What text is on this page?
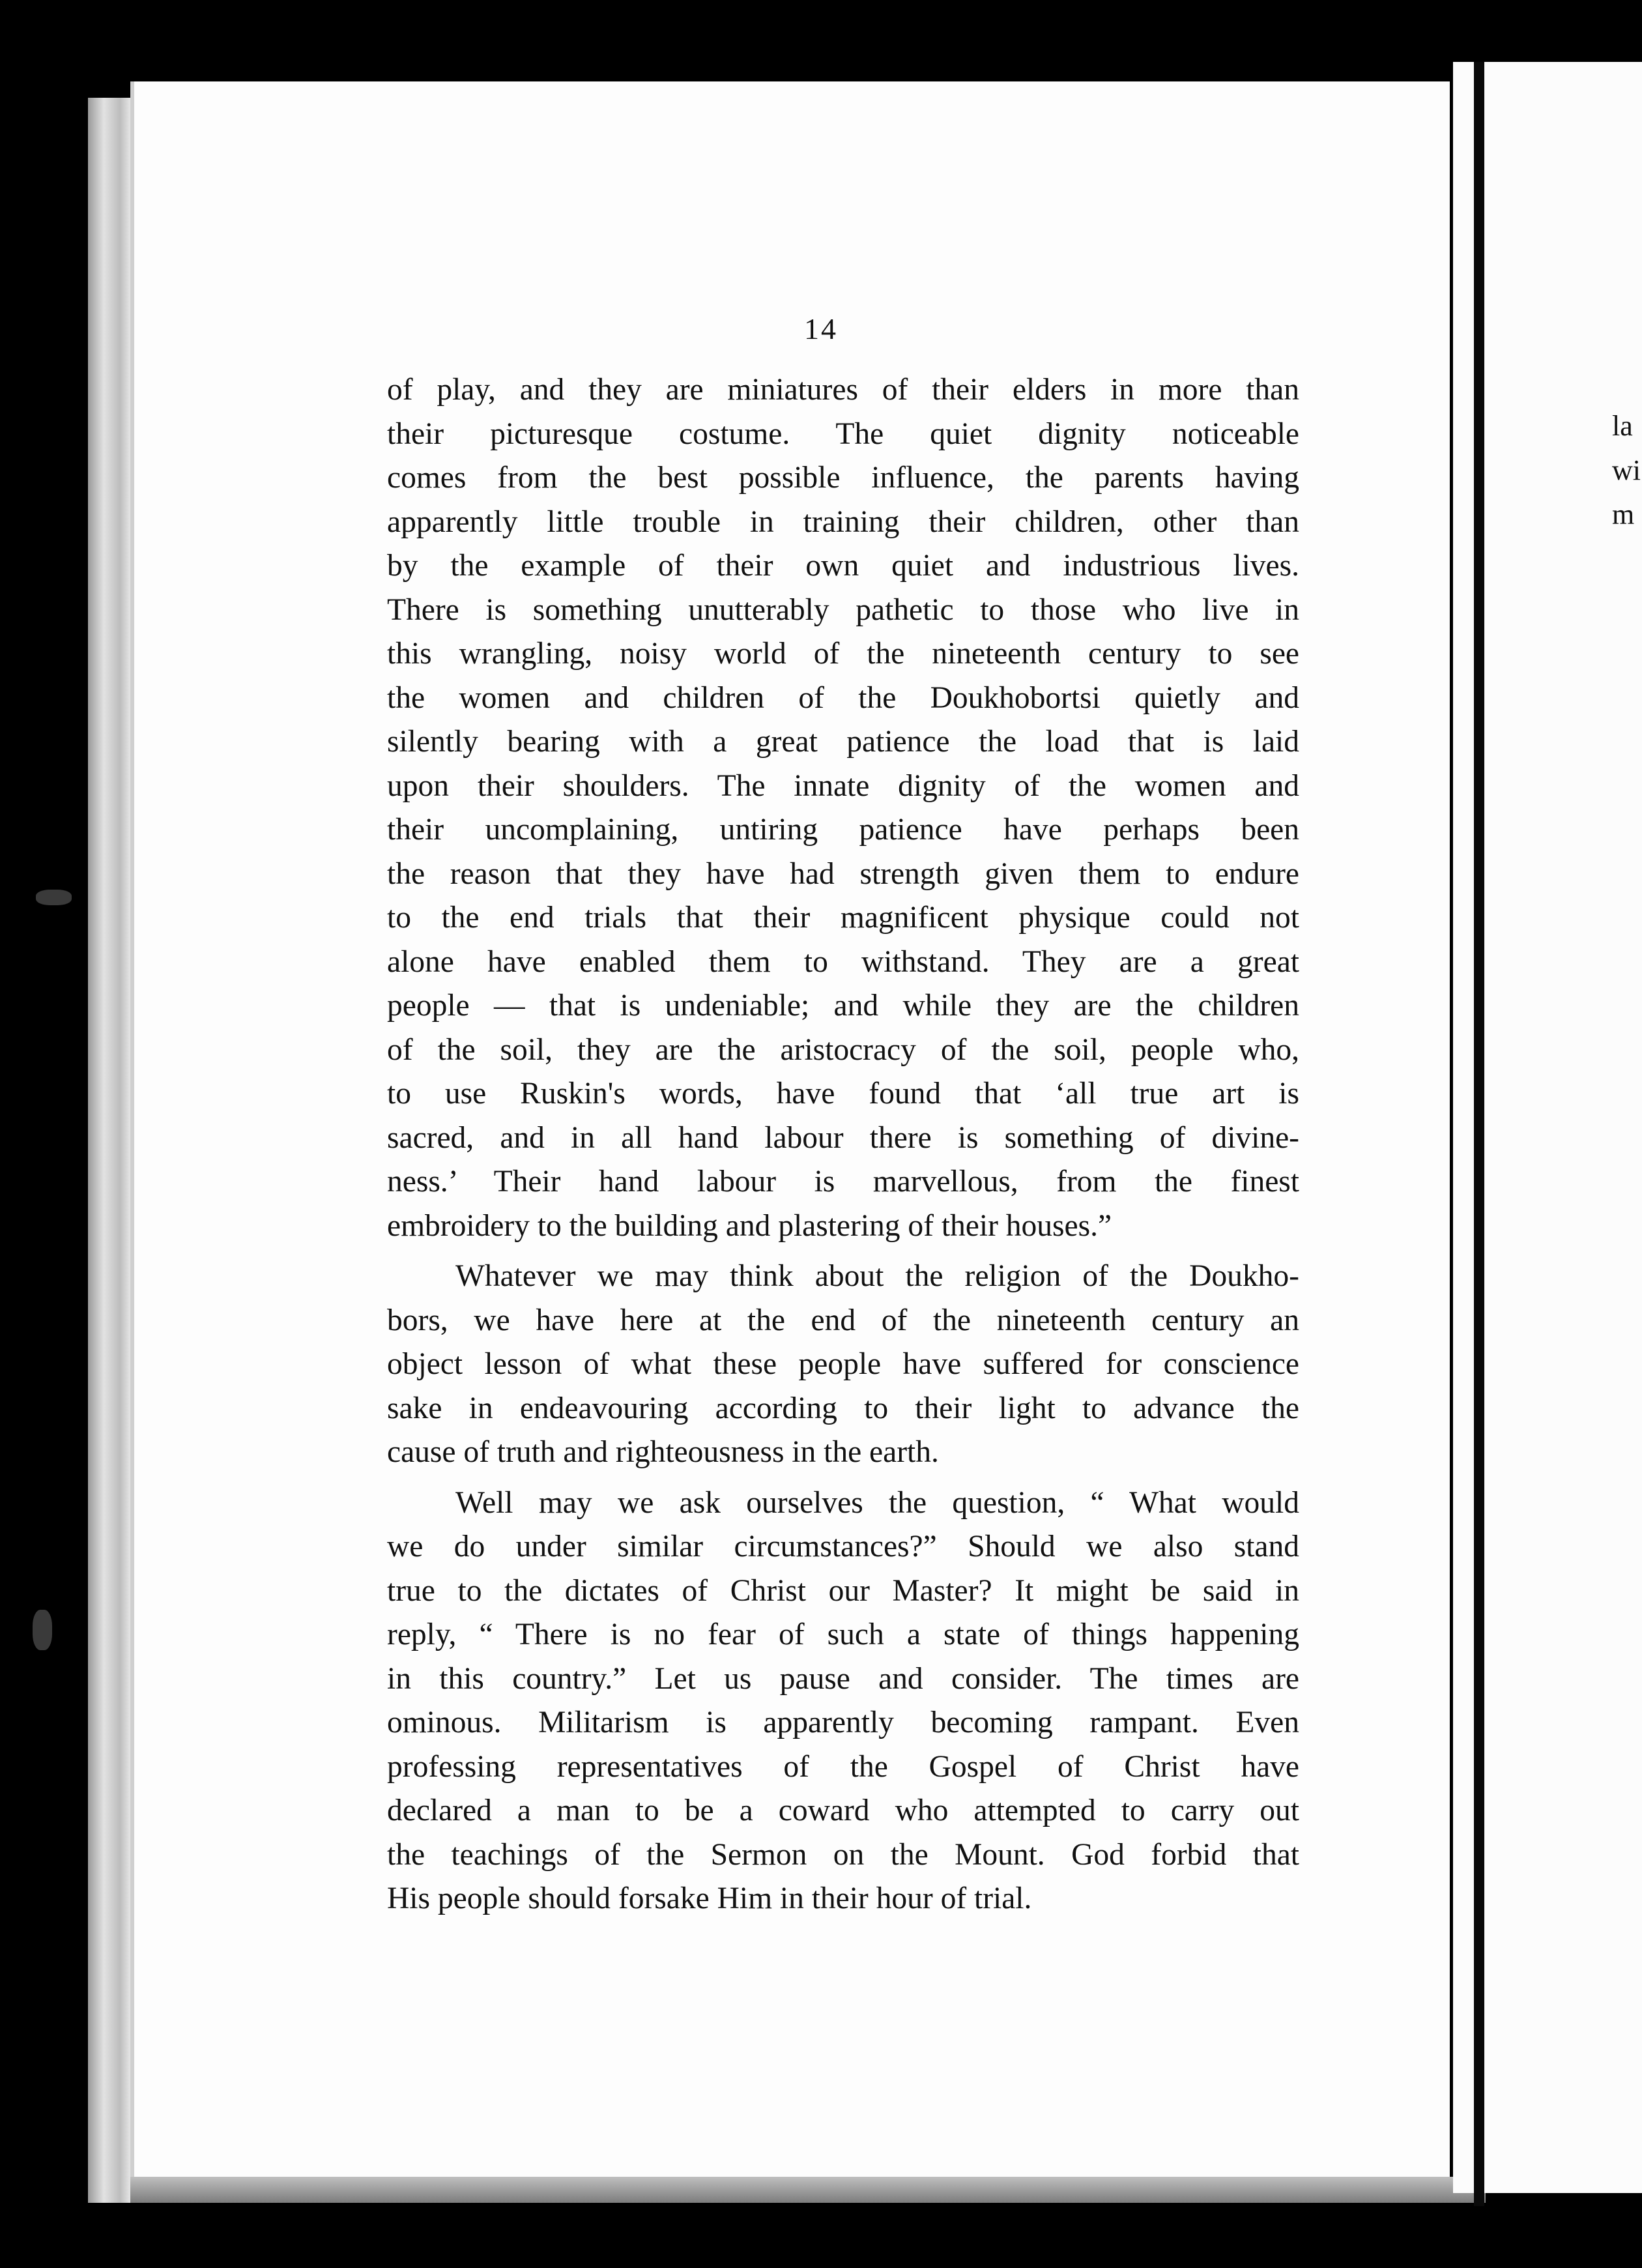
14
of play, and they are miniatures of their elders in more than
their picturesque costume. The quiet dignity noticeable
comes from the best possible influence, the parents having
apparently little trouble in training their children, other than
by the example of their own quiet and industrious lives.
There is something unutterably pathetic to those who live in
this wrangling, noisy world of the nineteenth century to see
the women and children of the Doukhobortsi quietly and
silently bearing with a great patience the load that is laid
upon their shoulders. The innate dignity of the women and
their uncomplaining, untiring patience have perhaps been
the reason that they have had strength given them to endure
to the end trials that their magnificent physique could not
alone have enabled them to withstand. They are a great
people — that is undeniable; and while they are the children
of the soil, they are the aristocracy of the soil, people who,
to use Ruskin's words, have found that ‘all true art is
sacred, and in all hand labour there is something of divine-
ness.’ Their hand labour is marvellous, from the finest
embroidery to the building and plastering of their houses.”
Whatever we may think about the religion of the Doukho-
bors, we have here at the end of the nineteenth century an
object lesson of what these people have suffered for conscience
sake in endeavouring according to their light to advance the
cause of truth and righteousness in the earth.
Well may we ask ourselves the question, “ What would
we do under similar circumstances?” Should we also stand
true to the dictates of Christ our Master? It might be said in
reply, “ There is no fear of such a state of things happening
in this country.” Let us pause and consider. The times are
ominous. Militarism is apparently becoming rampant. Even
professing representatives of the Gospel of Christ have
declared a man to be a coward who attempted to carry out
the teachings of the Sermon on the Mount. God forbid that
His people should forsake Him in their hour of trial.
la
wi
m
